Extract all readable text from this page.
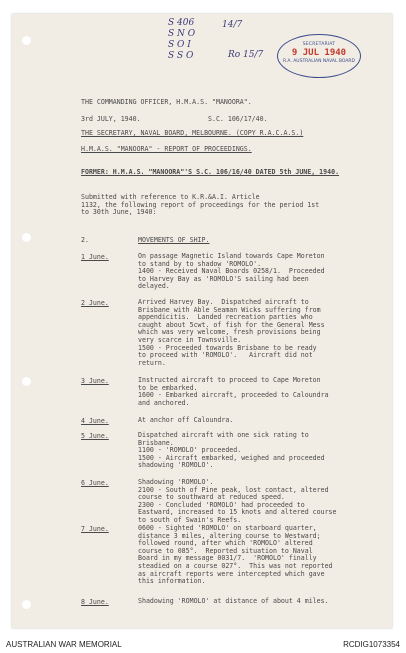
S 406
S N O
S O I
S S O
14/7
Ro 15/7
SECRETARIAT
9 JUL 1940
R.A. AUSTRALIAN NAVAL BOARD
THE COMMANDING OFFICER, H.M.A.S. "MANOORA".
3rd JULY, 1940.	S.C. 106/17/40.
THE SECRETARY, NAVAL BOARD, MELBOURNE. (COPY R.A.C.A.S.)
H.M.A.S. "MANOORA" - REPORT OF PROCEEDINGS.
FORMER: H.M.A.S. "MANOORA"'S S.C. 106/16/40 DATED 5th JUNE, 1940.
Submitted with reference to K.R.&A.I. Article
1132, the following report of proceedings for the period 1st
to 30th June, 1940:
2.	MOVEMENTS OF SHIP.
1 June.	On passage Magnetic Island towards Cape Moreton
to stand by to shadow 'ROMOLO'.
1400 - Received Naval Boards 0258/1.  Proceeded
to Harvey Bay as 'ROMOLO'S sailing had been
delayed.
2 June.	Arrived Harvey Bay.  Dispatched aircraft to
Brisbane with Able Seaman Wicks suffering from
appendicitis.  Landed recreation parties who
caught about 5cwt. of fish for the General Mess
which was very welcome, fresh provisions being
very scarce in Townsville.
1500 - Proceeded towards Brisbane to be ready
to proceed with 'ROMOLO'.   Aircraft did not
return.
3 June.	Instructed aircraft to proceed to Cape Moreton
to be embarked.
1600 - Embarked aircraft, proceeded to Caloundra
and anchored.
4 June.	At anchor off Caloundra.
5 June.	Dispatched aircraft with one sick rating to
Brisbane.
1100 - 'ROMOLO' proceeded.
1500 - Aircraft embarked, weighed and proceeded
shadowing 'ROMOLO'.
6 June.	Shadowing 'ROMOLO'.
2100 - South of Pine peak, lost contact, altered
course to southward at reduced speed.
2300 - Concluded 'ROMOLO' had proceeded to
Eastward, increased to 15 knots and altered course
to south of Swain's Reefs.
7 June.	0600 - Sighted 'ROMOLO' on starboard quarter,
distance 3 miles, altering course to Westward;
followed round, after which 'ROMOLO' altered
course to 085°.  Reported situation to Naval
Board in my message 0031/7.  'ROMOLO' finally
steadied on a course 027°.  This was not reported
as aircraft reports were intercepted which gave
this information.
8 June.	Shadowing 'ROMOLO' at distance of about 4 miles.
AUSTRALIAN WAR MEMORIAL	RCDIG1073354
